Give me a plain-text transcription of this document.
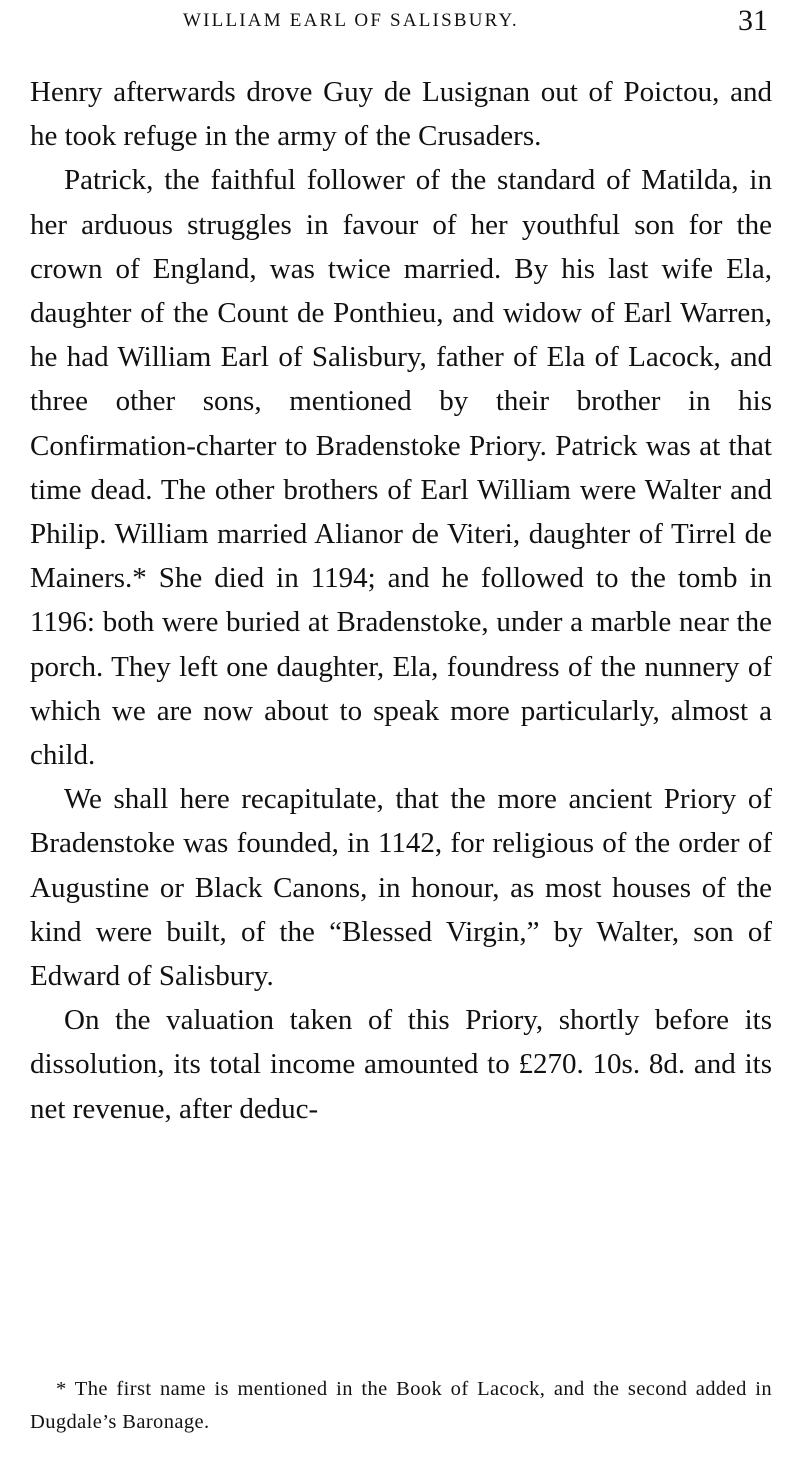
WILLIAM EARL OF SALISBURY.	31

Henry afterwards drove Guy de Lusignan out of Poictou, and he took refuge in the army of the Crusaders.

Patrick, the faithful follower of the standard of Matilda, in her arduous struggles in favour of her youthful son for the crown of England, was twice married. By his last wife Ela, daughter of the Count de Ponthieu, and widow of Earl Warren, he had William Earl of Salisbury, father of Ela of Lacock, and three other sons, mentioned by their brother in his Confirmation-charter to Bradenstoke Priory. Patrick was at that time dead. The other brothers of Earl William were Walter and Philip. William married Alianor de Viteri, daughter of Tirrel de Mainers.* She died in 1194; and he followed to the tomb in 1196: both were buried at Bradenstoke, under a marble near the porch. They left one daughter, Ela, foundress of the nunnery of which we are now about to speak more particularly, almost a child.

We shall here recapitulate, that the more ancient Priory of Bradenstoke was founded, in 1142, for religious of the order of Augustine or Black Canons, in honour, as most houses of the kind were built, of the “Blessed Virgin,” by Walter, son of Edward of Salisbury.

On the valuation taken of this Priory, shortly before its dissolution, its total income amounted to £270. 10s. 8d. and its net revenue, after deduc-

* The first name is mentioned in the Book of Lacock, and the second added in Dugdale’s Baronage.
